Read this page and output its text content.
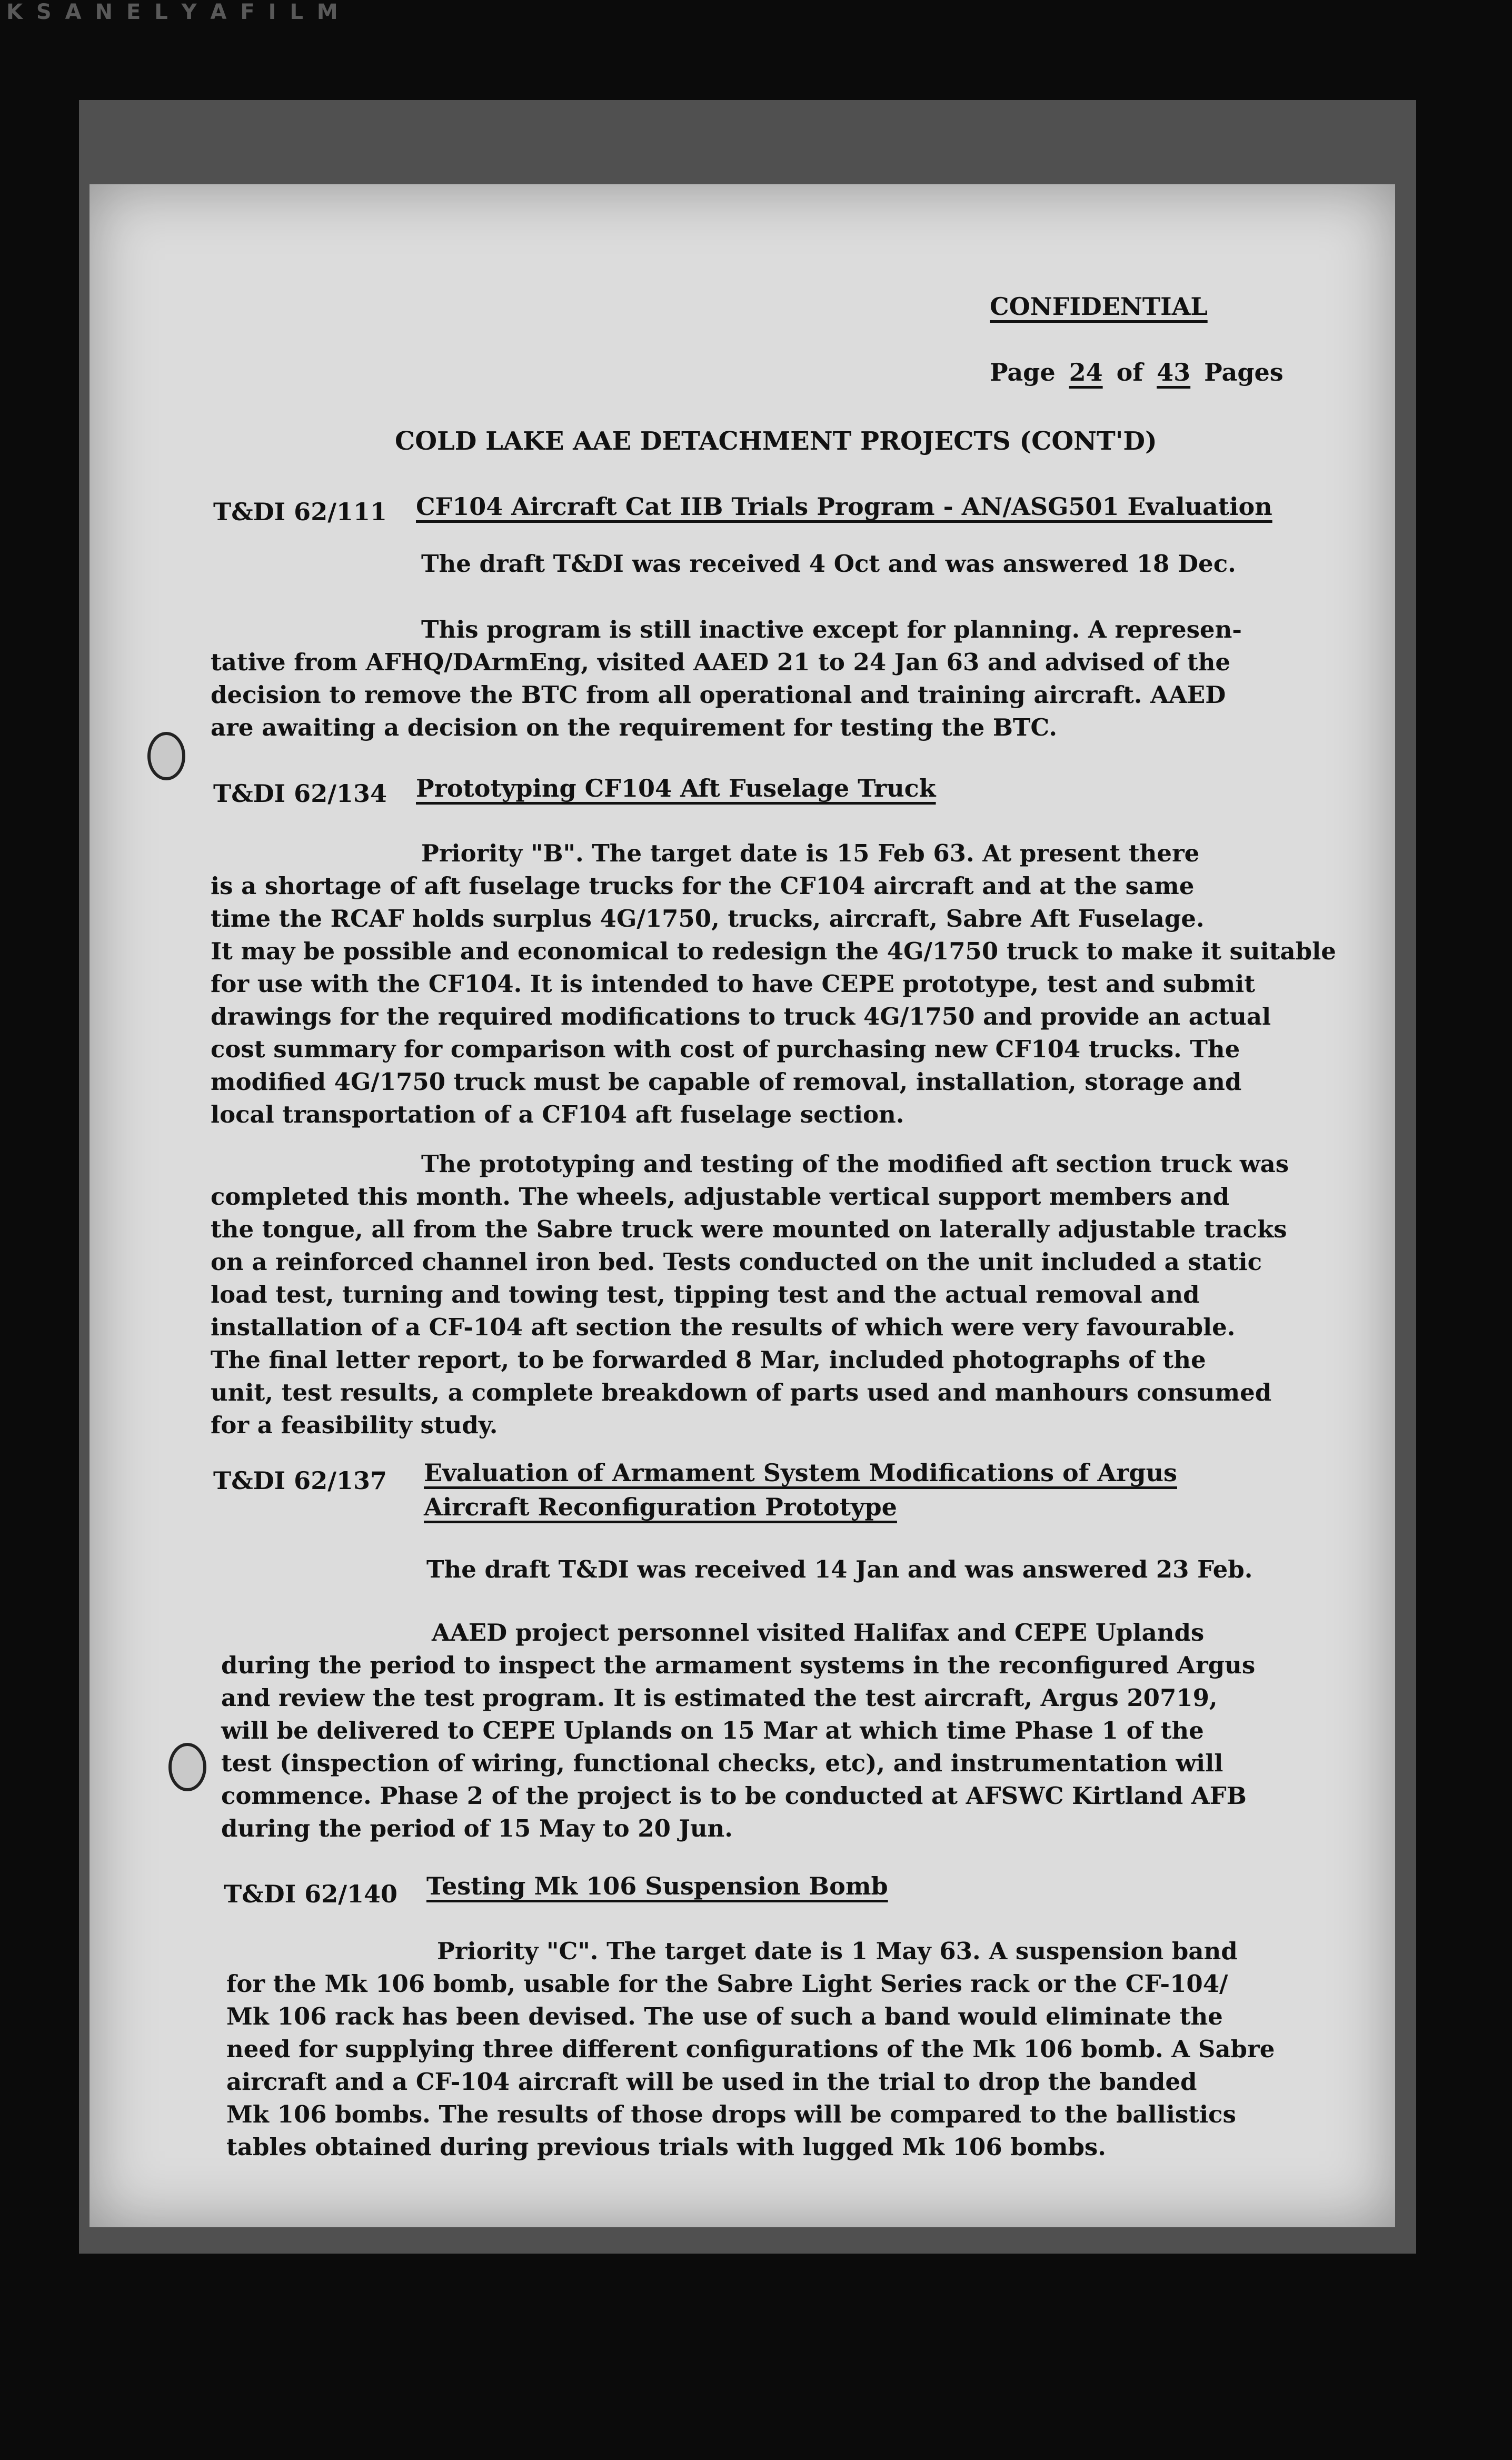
K S A N E L Y A F I L M
CONFIDENTIAL
Page 24 of 43 Pages
COLD LAKE AAE DETACHMENT PROJECTS (CONT'D)
T&DI 62/111 CF104 Aircraft Cat IIB Trials Program - AN/ASG501 Evaluation
The draft T&DI was received 4 Oct and was answered 18 Dec.
This program is still inactive except for planning. A represen-
tative from AFHQ/DArmEng, visited AAED 21 to 24 Jan 63 and advised of the
decision to remove the BTC from all operational and training aircraft. AAED
are awaiting a decision on the requirement for testing the BTC.
T&DI 62/134 Prototyping CF104 Aft Fuselage Truck
Priority "B". The target date is 15 Feb 63. At present there
is a shortage of aft fuselage trucks for the CF104 aircraft and at the same
time the RCAF holds surplus 4G/1750, trucks, aircraft, Sabre Aft Fuselage.
It may be possible and economical to redesign the 4G/1750 truck to make it suitable
for use with the CF104. It is intended to have CEPE prototype, test and submit
drawings for the required modifications to truck 4G/1750 and provide an actual
cost summary for comparison with cost of purchasing new CF104 trucks. The
modified 4G/1750 truck must be capable of removal, installation, storage and
local transportation of a CF104 aft fuselage section.
The prototyping and testing of the modified aft section truck was
completed this month. The wheels, adjustable vertical support members and
the tongue, all from the Sabre truck were mounted on laterally adjustable tracks
on a reinforced channel iron bed. Tests conducted on the unit included a static
load test, turning and towing test, tipping test and the actual removal and
installation of a CF-104 aft section the results of which were very favourable.
The final letter report, to be forwarded 8 Mar, included photographs of the
unit, test results, a complete breakdown of parts used and manhours consumed
for a feasibility study.
T&DI 62/137 Evaluation of Armament System Modifications of Argus
Aircraft Reconfiguration Prototype
The draft T&DI was received 14 Jan and was answered 23 Feb.
AAED project personnel visited Halifax and CEPE Uplands
during the period to inspect the armament systems in the reconfigured Argus
and review the test program. It is estimated the test aircraft, Argus 20719,
will be delivered to CEPE Uplands on 15 Mar at which time Phase 1 of the
test (inspection of wiring, functional checks, etc), and instrumentation will
commence. Phase 2 of the project is to be conducted at AFSWC Kirtland AFB
during the period of 15 May to 20 Jun.
T&DI 62/140 Testing Mk 106 Suspension Bomb
Priority "C". The target date is 1 May 63. A suspension band
for the Mk 106 bomb, usable for the Sabre Light Series rack or the CF-104/
Mk 106 rack has been devised. The use of such a band would eliminate the
need for supplying three different configurations of the Mk 106 bomb. A Sabre
aircraft and a CF-104 aircraft will be used in the trial to drop the banded
Mk 106 bombs. The results of those drops will be compared to the ballistics
tables obtained during previous trials with lugged Mk 106 bombs.
